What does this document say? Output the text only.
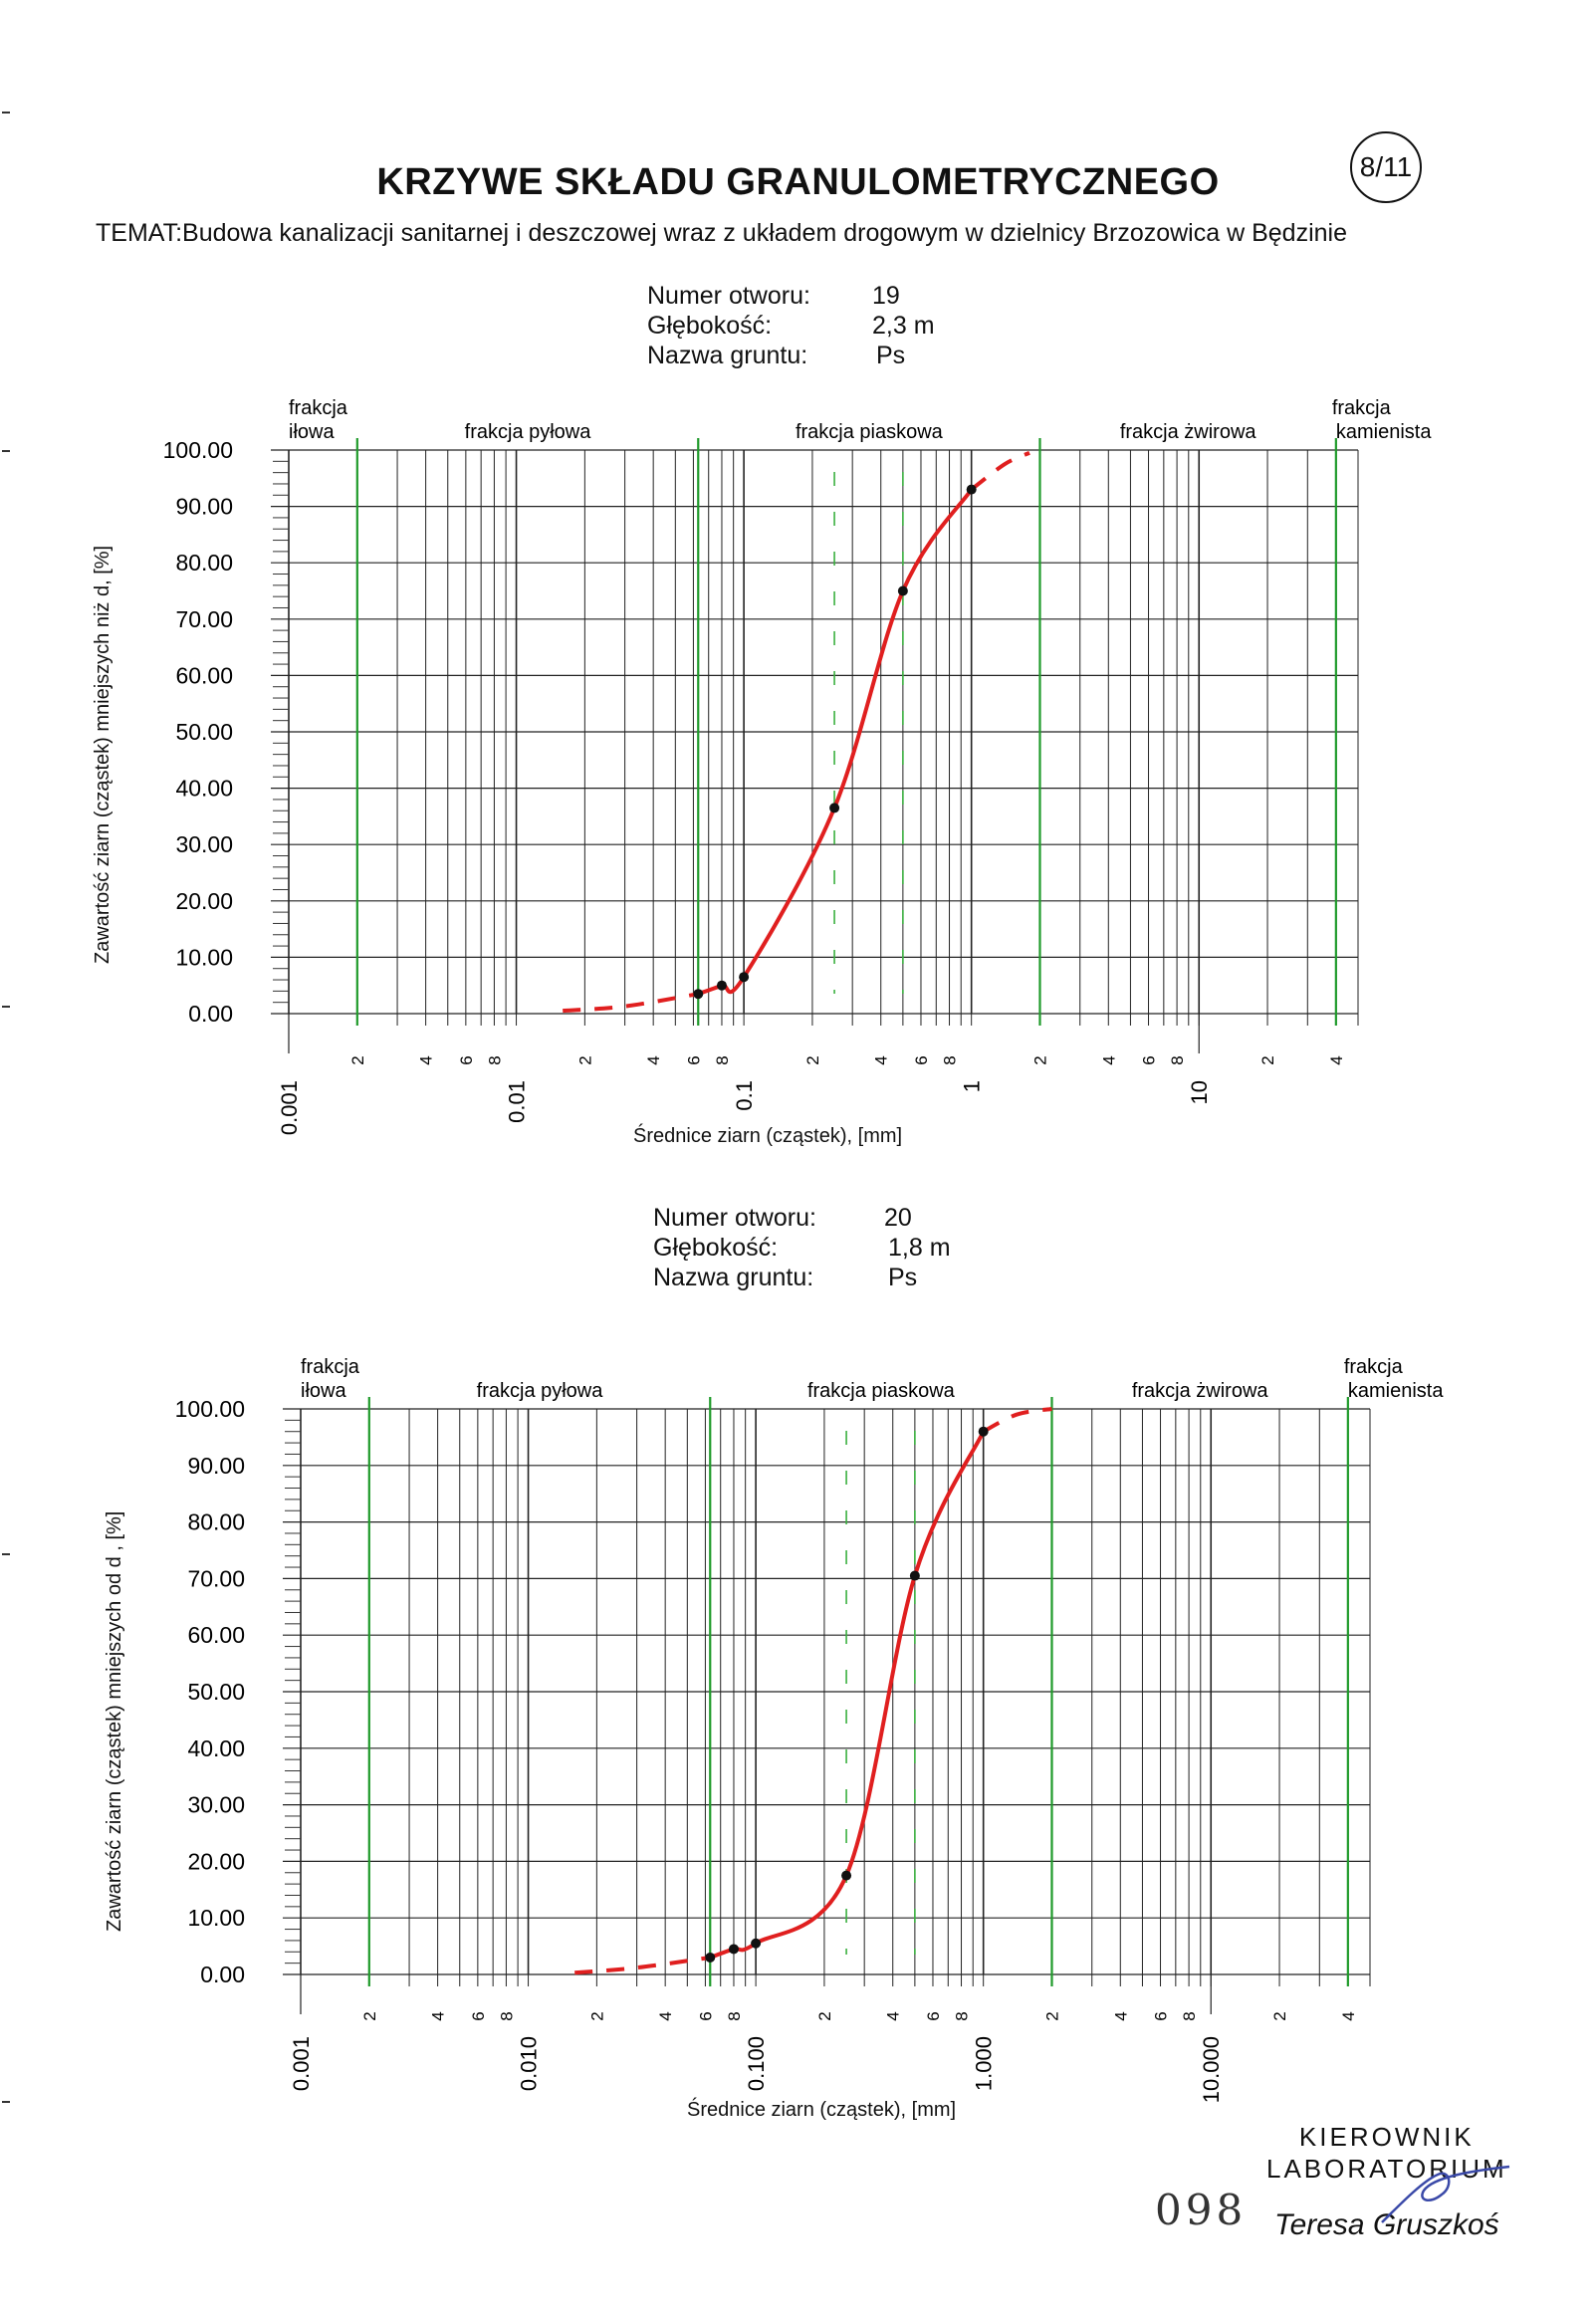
KRZYWE SKŁADU GRANULOMETRYCZNEGO	8/11
TEMAT:Budowa kanalizacji sanitarnej i deszczowej wraz z układem drogowym w dzielnicy Brzozowica w Będzinie
Numer otworu: 19
Głębokość:	2,3 m
Nazwa gruntu:	Ps
Zawartość ziarn (cząstek) mniejszych niż d, [%]
0.00
10.00
20.00
30.00
40.00
50.00
60.00
70.00
80.00
90.00
100.00
2	4 6 8	2	4 6 8	2	4 6 8	2	4 6 8	2	4
0.001	0.01	0.1	1	10
frakcja
iłowa	frakcja pyłowa	frakcja piaskowa	frakcja żwirowa
frakcja
kamienista
Średnice ziarn (cząstek), [mm]
Numer otworu:	20
Głębokość:	1,8 m
Nazwa gruntu:	Ps
Zawartość ziarn (cząstek) mniejszych od d , [%]
0.00
10.00
20.00
30.00
40.00
50.00
60.00
70.00
80.00
90.00
100.00
2	4 6 8	2	4 6 8	2	4 6 8	2	4 6 8	2	4
0.001	0.010	0.100	1.000	10.000
frakcja
iłowa	frakcja pyłowa	frakcja piaskowa	frakcja żwirowa
frakcja
kamienista
Średnice ziarn (cząstek), [mm]
KIEROWNIK
LABORATORIUM
098 Teresa Gruszkoś
